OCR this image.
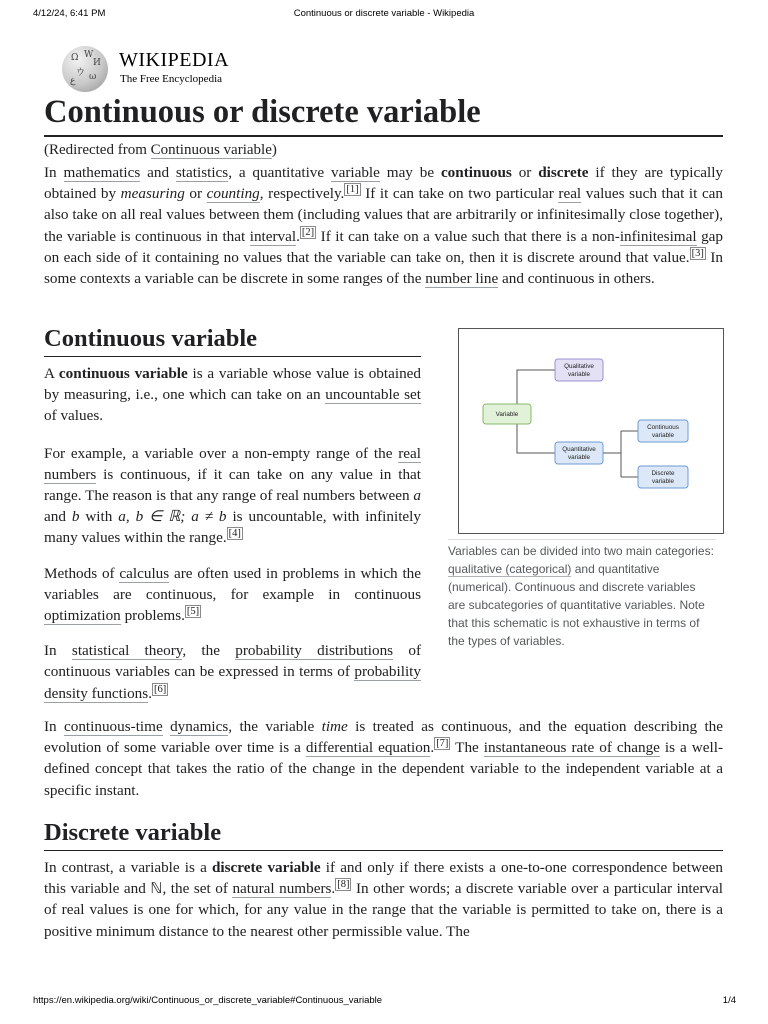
4/12/24, 6:41 PM	Continuous or discrete variable - Wikipedia
Ω W
И
ウ ω
ع
WIKIPEDIA
The Free Encyclopedia
Continuous or discrete variable
(Redirected from Continuous variable)

In mathematics and statistics, a quantitative variable may be continuous or discrete if they are typically obtained by measuring or counting, respectively. [1] If it can take on two particular real values such that it can also take on all real values between them (including values that are arbitrarily or infinitesimally close together), the variable is continuous in that interval. [2] If it can take on a value such that there is a non-infinitesimal gap on each side of it containing no values that the variable can take on, then it is discrete around that value. [3] In some contexts a variable can be discrete in some ranges of the number line and continuous in others.

Continuous variable

A continuous variable is a variable whose value is obtained by measuring, i.e., one which can take on an uncountable set of values.

For example, a variable over a non-empty range of the real numbers is continuous, if it can take on any value in that range. The reason is that any range of real numbers between a and b with a, b ∈ ℝ; a ≠ b is uncountable, with infinitely many values within the range. [4]

Methods of calculus are often used in problems in which the variables are continuous, for example in continuous optimization problems. [5]

In statistical theory, the probability distributions of continuous variables can be expressed in terms of probability density functions. [6]

Variable
Qualitative
variable
Quantitative
variable
Continuous
variable
Discrete
variable
Variables can be divided into two main categories: qualitative (categorical) and quantitative (numerical). Continuous and discrete variables are subcategories of quantitative variables. Note that this schematic is not exhaustive in terms of the types of variables.

In continuous-time dynamics, the variable time is treated as continuous, and the equation describing the evolution of some variable over time is a differential equation. [7] The instantaneous rate of change is a well-defined concept that takes the ratio of the change in the dependent variable to the independent variable at a specific instant.

Discrete variable

In contrast, a variable is a discrete variable if and only if there exists a one-to-one correspondence between this variable and ℕ, the set of natural numbers. [8] In other words; a discrete variable over a particular interval of real values is one for which, for any value in the range that the variable is permitted to take on, there is a positive minimum distance to the nearest other permissible value. The

https://en.wikipedia.org/wiki/Continuous_or_discrete_variable#Continuous_variable	1/4
